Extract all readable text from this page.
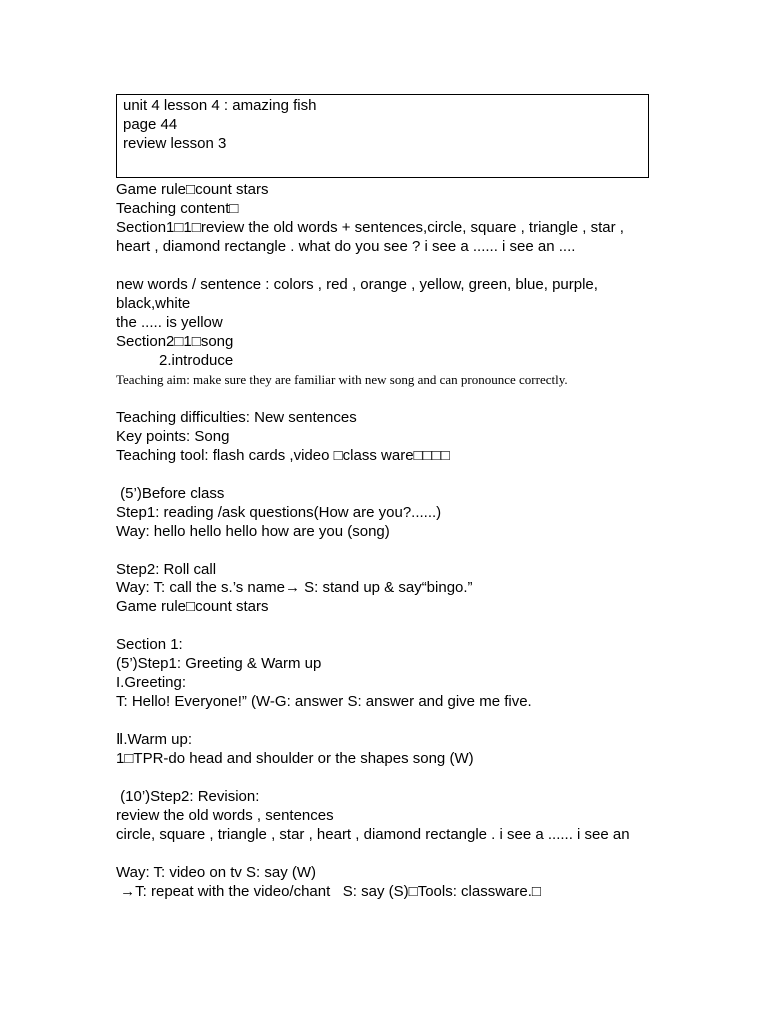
unit 4 lesson 4 : amazing fish
page 44
review lesson 3
Game rule□count stars
Teaching content□
Section1□1□review the old words + sentences,circle, square , triangle , star ,
heart , diamond rectangle . what do you see ? i see a ...... i see an ....
new words / sentence : colors , red , orange , yellow, green, blue, purple,
black,white
the ..... is yellow
Section2□1□song
2.introduce
Teaching aim: make sure they are familiar with new song and can pronounce correctly.
Teaching difficulties: New sentences
Key points: Song
Teaching tool: flash cards ,video □class ware□□□□
(5’)Before class
Step1: reading /ask questions(How are you?......)
Way: hello hello hello how are you (song)
Step2: Roll call
Way: T: call the s.’s name→ S: stand up & say“bingo.”
Game rule□count stars
Section 1:
(5’)Step1: Greeting & Warm up
I.Greeting:
T: Hello! Everyone!” (W-G: answer S: answer and give me five.
Ⅱ.Warm up:
1□TPR-do head and shoulder or the shapes song (W)
(10’)Step2: Revision:
review the old words , sentences
circle, square , triangle , star , heart , diamond rectangle . i see a ...... i see an
Way: T: video on tv S: say (W)
→T: repeat with the video/chant   S: say (S)□Tools: classware.□
